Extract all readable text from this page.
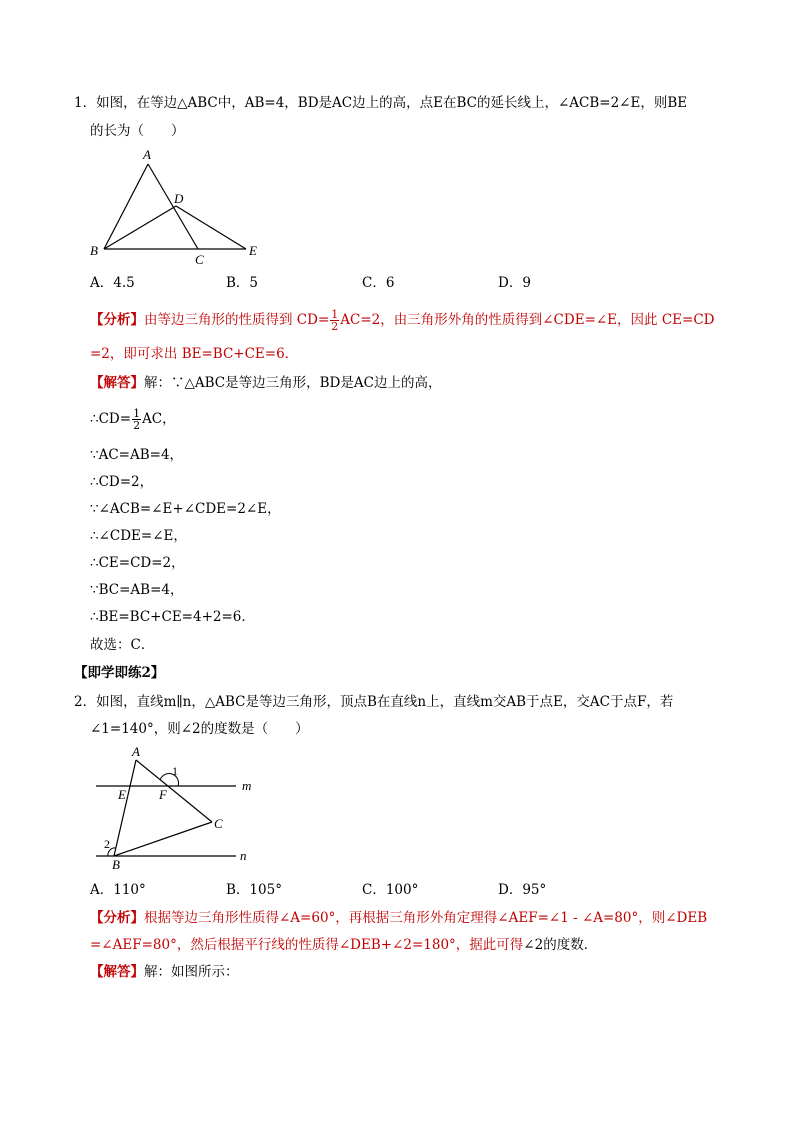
1．如图，在等边△ABC中，AB=4，BD是AC边上的高，点E在BC的延长线上，∠ACB=2∠E，则BE
的长为（　　）
A
B
C
D
E
A．4.5	B．5	C．6	D．9
【分析】由等边三角形的性质得到 $CD= \frac{1}{2} AC=2$，由三角形外角的性质得到∠CDE=∠E，因此 CE=CD
=2，即可求出 BE=BC+CE=6．
【解答】解：∵△ABC是等边三角形，BD是AC边上的高，
∴CD= $\frac{1}{2}$ AC，
∵AC=AB=4，
∴CD=2，
∵∠ACB=∠E+∠CDE=2∠E，
∴∠CDE=∠E，
∴CE=CD=2，
∵BC=AB=4，
∴BE=BC+CE=4+2=6．
故选：C．
【即学即练2】
2．如图，直线m∥n，△ABC是等边三角形，顶点B在直线n上，直线m交AB于点E，交AC于点F，若
∠1=140°，则∠2的度数是（　　）
A
E	F
C
B
m
n
1
2
A．110°	B．105°	C．100°	D．95°
【分析】根据等边三角形性质得∠A=60°，再根据三角形外角定理得∠AEF=∠1 - ∠A=80°，则∠DEB
=∠AEF=80°，然后根据平行线的性质得∠DEB+∠2=180°，据此可得∠2的度数．
【解答】解：如图所示：
